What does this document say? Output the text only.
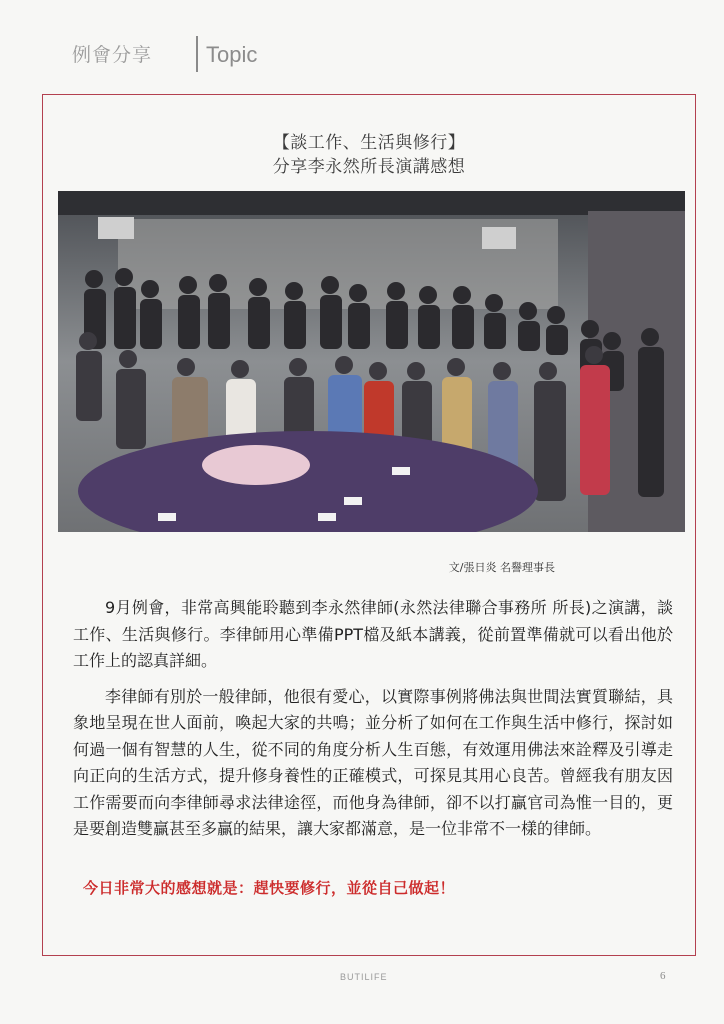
例會分享 Topic
【談工作、生活與修行】
分享李永然所長演講感想
文/張日炎 名譽理事長

9月例會，非常高興能聆聽到李永然律師(永然法律聯合事務所 所長)之演講，談工作、生活與修行。李律師用心準備PPT檔及紙本講義，從前置準備就可以看出他於工作上的認真詳細。

李律師有別於一般律師，他很有愛心，以實際事例將佛法與世間法實質聯結，具象地呈現在世人面前，喚起大家的共鳴；並分析了如何在工作與生活中修行，探討如何過一個有智慧的人生，從不同的角度分析人生百態，有效運用佛法來詮釋及引導走向正向的生活方式，提升修身養性的正確模式，可探見其用心良苦。曾經我有朋友因工作需要而向李律師尋求法律途徑，而他身為律師，卻不以打贏官司為惟一目的，更是要創造雙贏甚至多贏的結果，讓大家都滿意，是一位非常不一樣的律師。

今日非常大的感想就是：趕快要修行，並從自己做起！
BUTILIFE	6
